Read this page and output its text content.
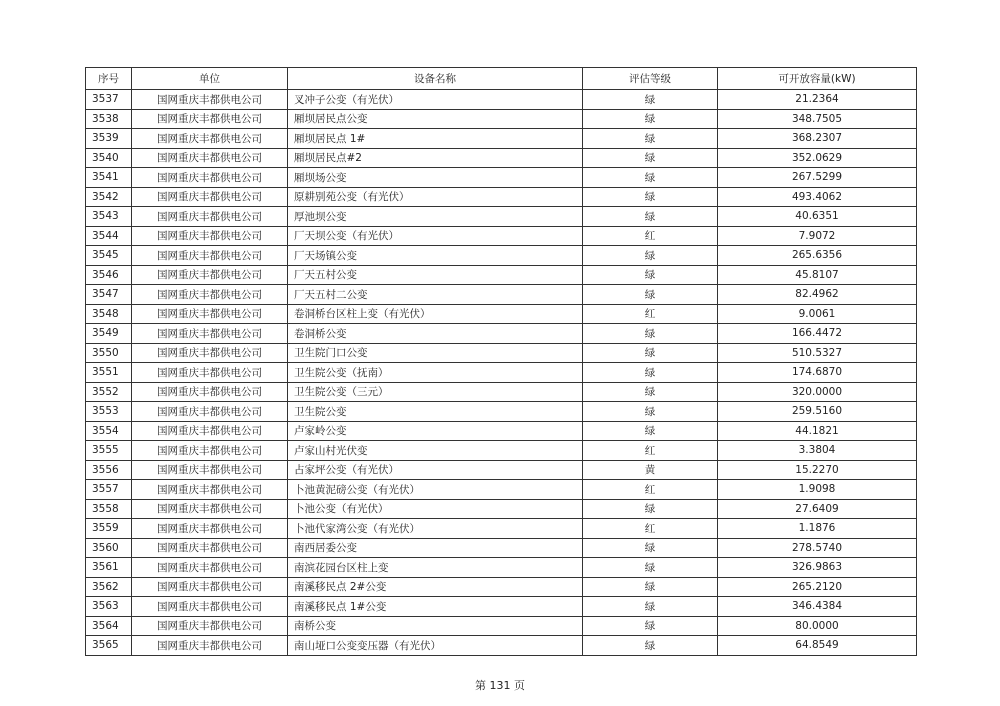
序号	单位	设备名称	评估等级	可开放容量(kW)
3537	国网重庆丰都供电公司	叉冲子公变（有光伏）	绿	21.2364
3538	国网重庆丰都供电公司	厢坝居民点公变	绿	348.7505
3539	国网重庆丰都供电公司	厢坝居民点 1#	绿	368.2307
3540	国网重庆丰都供电公司	厢坝居民点#2	绿	352.0629
3541	国网重庆丰都供电公司	厢坝场公变	绿	267.5299
3542	国网重庆丰都供电公司	原耕别苑公变（有光伏）	绿	493.4062
3543	国网重庆丰都供电公司	厚池坝公变	绿	40.6351
3544	国网重庆丰都供电公司	厂天坝公变（有光伏）	红	7.9072
3545	国网重庆丰都供电公司	厂天场镇公变	绿	265.6356
3546	国网重庆丰都供电公司	厂天五村公变	绿	45.8107
3547	国网重庆丰都供电公司	厂天五村二公变	绿	82.4962
3548	国网重庆丰都供电公司	卷洞桥台区柱上变（有光伏）	红	9.0061
3549	国网重庆丰都供电公司	卷洞桥公变	绿	166.4472
3550	国网重庆丰都供电公司	卫生院门口公变	绿	510.5327
3551	国网重庆丰都供电公司	卫生院公变（抚南）	绿	174.6870
3552	国网重庆丰都供电公司	卫生院公变（三元）	绿	320.0000
3553	国网重庆丰都供电公司	卫生院公变	绿	259.5160
3554	国网重庆丰都供电公司	卢家岭公变	绿	44.1821
3555	国网重庆丰都供电公司	卢家山村光伏变	红	3.3804
3556	国网重庆丰都供电公司	占家坪公变（有光伏）	黄	15.2270
3557	国网重庆丰都供电公司	卜池黄泥磅公变（有光伏）	红	1.9098
3558	国网重庆丰都供电公司	卜池公变（有光伏）	绿	27.6409
3559	国网重庆丰都供电公司	卜池代家湾公变（有光伏）	红	1.1876
3560	国网重庆丰都供电公司	南西居委公变	绿	278.5740
3561	国网重庆丰都供电公司	南滨花园台区柱上变	绿	326.9863
3562	国网重庆丰都供电公司	南溪移民点 2#公变	绿	265.2120
3563	国网重庆丰都供电公司	南溪移民点 1#公变	绿	346.4384
3564	国网重庆丰都供电公司	南桥公变	绿	80.0000
3565	国网重庆丰都供电公司	南山垭口公变变压器（有光伏）	绿	64.8549
第 131 页
